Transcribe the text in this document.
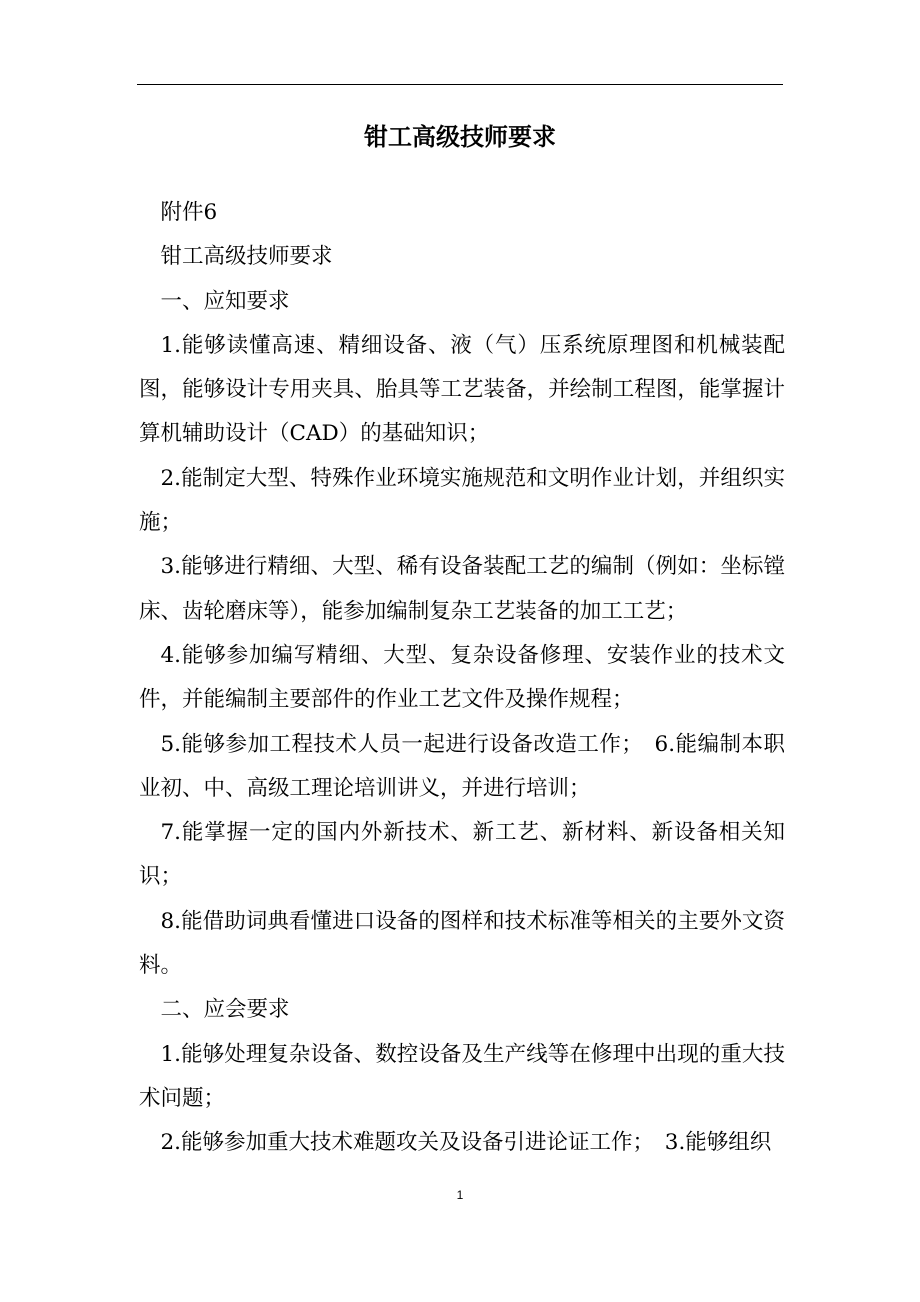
钳工高级技师要求

附件6

钳工高级技师要求

一、应知要求

1.能够读懂高速、精细设备、液（气）压系统原理图和机械装配图，能够设计专用夹具、胎具等工艺装备，并绘制工程图，能掌握计算机辅助设计（CAD）的基础知识；

2.能制定大型、特殊作业环境实施规范和文明作业计划，并组织实施；

3.能够进行精细、大型、稀有设备装配工艺的编制（例如：坐标镗床、齿轮磨床等），能参加编制复杂工艺装备的加工工艺；

4.能够参加编写精细、大型、复杂设备修理、安装作业的技术文件，并能编制主要部件的作业工艺文件及操作规程；

5.能够参加工程技术人员一起进行设备改造工作；　6.能编制本职业初、中、高级工理论培训讲义，并进行培训；

7.能掌握一定的国内外新技术、新工艺、新材料、新设备相关知识；

8.能借助词典看懂进口设备的图样和技术标准等相关的主要外文资料。

二、应会要求

1.能够处理复杂设备、数控设备及生产线等在修理中出现的重大技术问题；

2.能够参加重大技术难题攻关及设备引进论证工作；　3.能够组织

1
